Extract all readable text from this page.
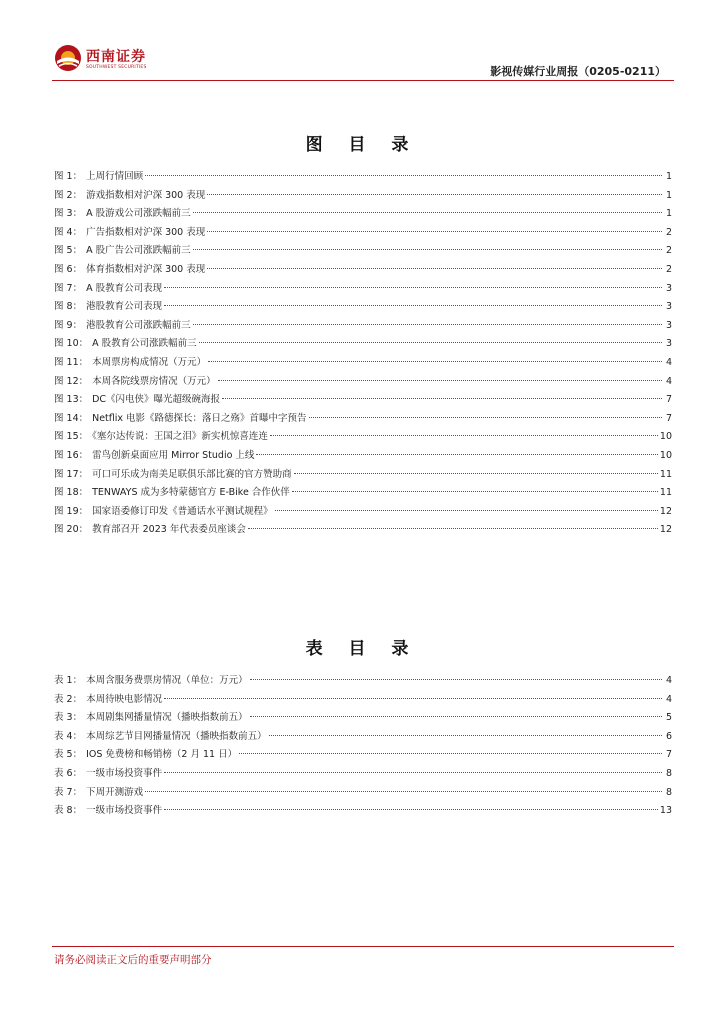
西南证券
SOUTHWEST SECURITIES	影视传媒行业周报（0205-0211）
图 目 录
图 1： 上周行情回顾	1
图 2： 游戏指数相对沪深 300 表现	1
图 3： A 股游戏公司涨跌幅前三	1
图 4： 广告指数相对沪深 300 表现	2
图 5： A 股广告公司涨跌幅前三	2
图 6： 体育指数相对沪深 300 表现	2
图 7： A 股教育公司表现	3
图 8： 港股教育公司表现	3
图 9： 港股教育公司涨跌幅前三	3
图 10： A 股教育公司涨跌幅前三	3
图 11： 本周票房构成情况（万元）	4
图 12： 本周各院线票房情况（万元）	4
图 13： DC《闪电侠》曝光超级碗海报	7
图 14： Netflix 电影《路德探长：落日之殇》首曝中字预告	7
图 15： 《塞尔达传说：王国之泪》新实机惊喜连连	10
图 16： 雷鸟创新桌面应用 Mirror Studio 上线	10
图 17： 可口可乐成为南美足联俱乐部比赛的官方赞助商	11
图 18： TENWAYS 成为多特蒙德官方 E-Bike 合作伙伴	11
图 19： 国家语委修订印发《普通话水平测试规程》	12
图 20： 教育部召开 2023 年代表委员座谈会	12
表 目 录
表 1： 本周含服务费票房情况（单位：万元）	4
表 2： 本周待映电影情况	4
表 3： 本周剧集网播量情况（播映指数前五）	5
表 4： 本周综艺节目网播量情况（播映指数前五）	6
表 5： IOS 免费榜和畅销榜（2 月 11 日）	7
表 6： 一级市场投资事件	8
表 7： 下周开测游戏	8
表 8： 一级市场投资事件	13
请务必阅读正文后的重要声明部分
